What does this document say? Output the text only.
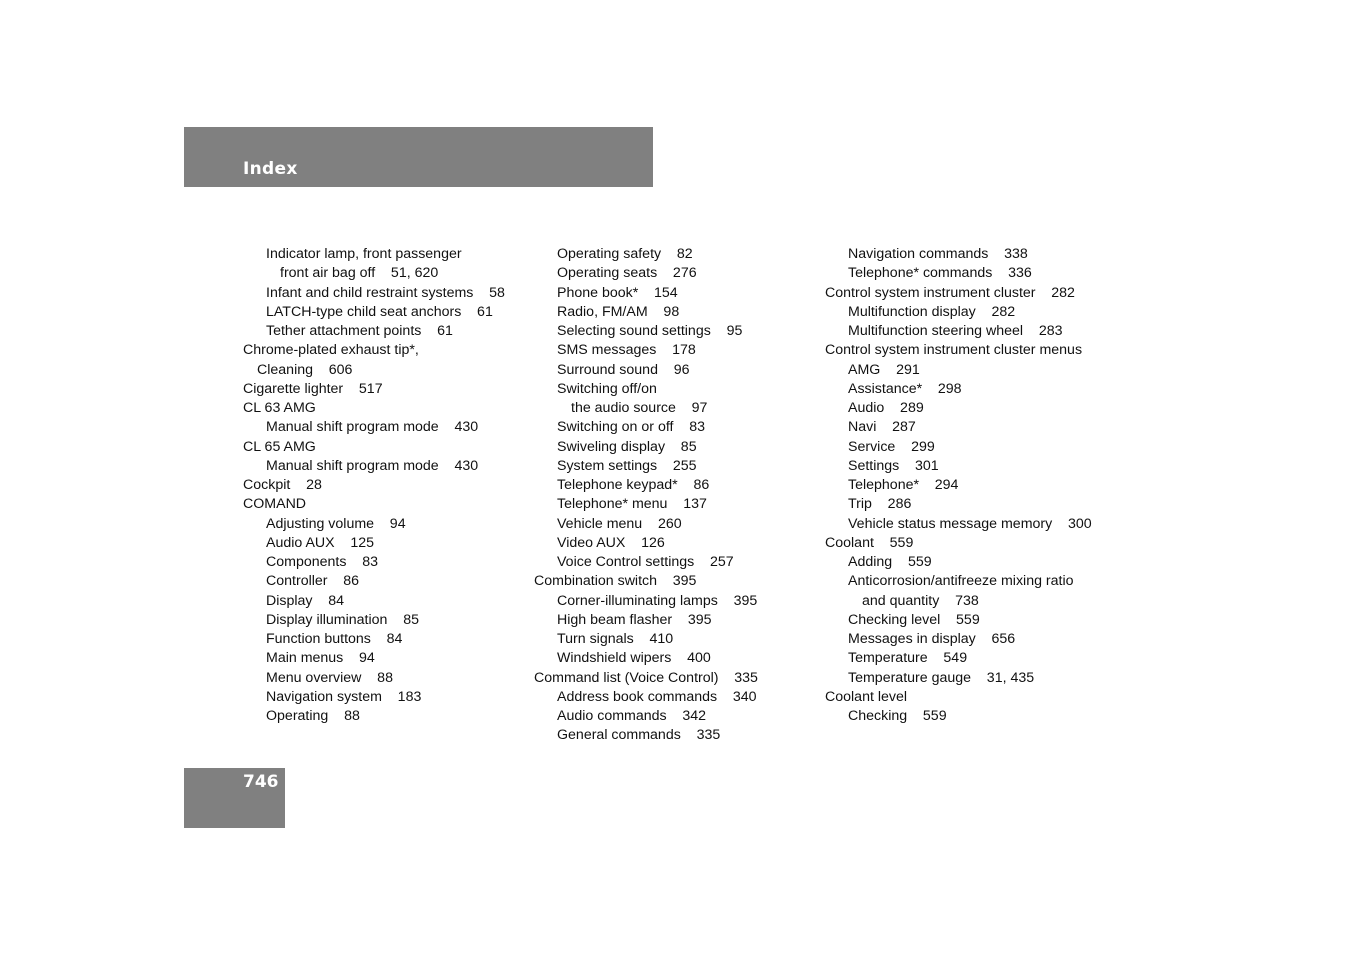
Index
Indicator lamp, front passenger
front air bag off    51, 620
Infant and child restraint systems    58
LATCH-type child seat anchors    61
Tether attachment points    61
Chrome-plated exhaust tip*,
Cleaning    606
Cigarette lighter    517
CL 63 AMG
Manual shift program mode    430
CL 65 AMG
Manual shift program mode    430
Cockpit    28
COMAND
Adjusting volume    94
Audio AUX    125
Components    83
Controller    86
Display    84
Display illumination    85
Function buttons    84
Main menus    94
Menu overview    88
Navigation system    183
Operating    88
Operating safety    82
Operating seats    276
Phone book*    154
Radio, FM/AM    98
Selecting sound settings    95
SMS messages    178
Surround sound    96
Switching off/on
the audio source    97
Switching on or off    83
Swiveling display    85
System settings    255
Telephone keypad*    86
Telephone* menu    137
Vehicle menu    260
Video AUX    126
Voice Control settings    257
Combination switch    395
Corner-illuminating lamps    395
High beam flasher    395
Turn signals    410
Windshield wipers    400
Command list (Voice Control)    335
Address book commands    340
Audio commands    342
General commands    335
Navigation commands    338
Telephone* commands    336
Control system instrument cluster    282
Multifunction display    282
Multifunction steering wheel    283
Control system instrument cluster menus
AMG    291
Assistance*    298
Audio    289
Navi    287
Service    299
Settings    301
Telephone*    294
Trip    286
Vehicle status message memory    300
Coolant    559
Adding    559
Anticorrosion/antifreeze mixing ratio
and quantity    738
Checking level    559
Messages in display    656
Temperature    549
Temperature gauge    31, 435
Coolant level
Checking    559
746
